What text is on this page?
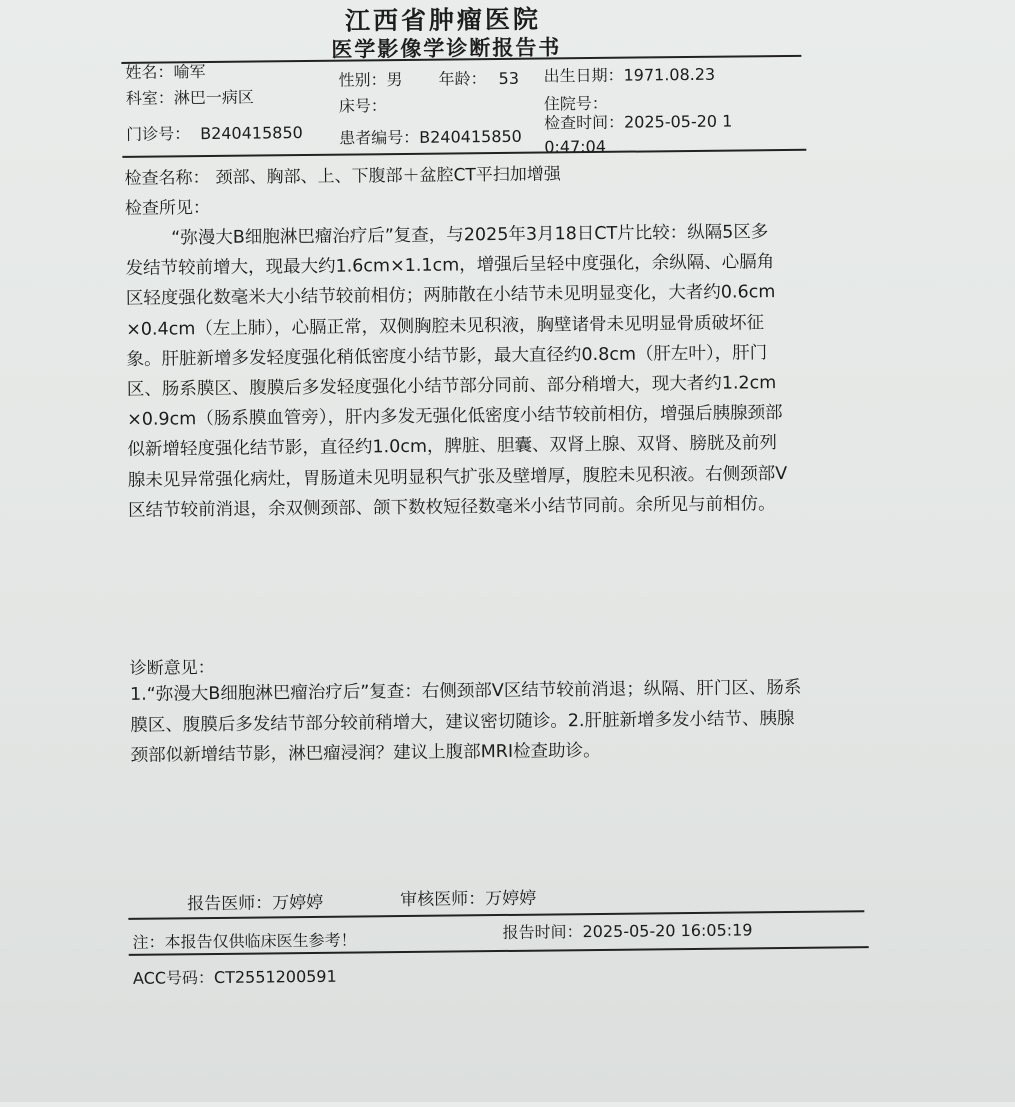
江西省肿瘤医院
医学影像学诊断报告书
姓名：喻军	性别：男 年龄： 53 出生日期：1971.08.23
科室：淋巴一病区	床号：	住院号：
门诊号： B240415850 患者编号：B240415850
检查时间：2025-05-20 1
0:47:04
检查名称： 颈部、胸部、上、下腹部＋盆腔CT平扫加增强
检查所见：
“弥漫大B细胞淋巴瘤治疗后”复查，与2025年3月18日CT片比较：纵隔5区多发结节较前增大，现最大约1.6cm×1.1cm，增强后呈轻中度强化，余纵隔、心膈角区轻度强化数毫米大小结节较前相仿；两肺散在小结节未见明显变化，大者约0.6cm×0.4cm（左上肺），心膈正常，双侧胸腔未见积液，胸壁诸骨未见明显骨质破坏征象。肝脏新增多发轻度强化稍低密度小结节影，最大直径约0.8cm（肝左叶），肝门区、肠系膜区、腹膜后多发轻度强化小结节部分同前、部分稍增大，现大者约1.2cm×0.9cm（肠系膜血管旁），肝内多发无强化低密度小结节较前相仿，增强后胰腺颈部似新增轻度强化结节影，直径约1.0cm，脾脏、胆囊、双肾上腺、双肾、膀胱及前列腺未见异常强化病灶，胃肠道未见明显积气扩张及壁增厚，腹腔未见积液。右侧颈部Ⅴ区结节较前消退，余双侧颈部、颌下数枚短径数毫米小结节同前。余所见与前相仿。
诊断意见：
1.“弥漫大B细胞淋巴瘤治疗后”复查：右侧颈部Ⅴ区结节较前消退；纵隔、肝门区、肠系膜区、腹膜后多发结节部分较前稍增大，建议密切随诊。2.肝脏新增多发小结节、胰腺颈部似新增结节影，淋巴瘤浸润？建议上腹部MRI检查助诊。
报告医师：万婷婷	审核医师：万婷婷
注：本报告仅供临床医生参考！	报告时间：2025-05-20 16:05:19
ACC号码：CT2551200591
